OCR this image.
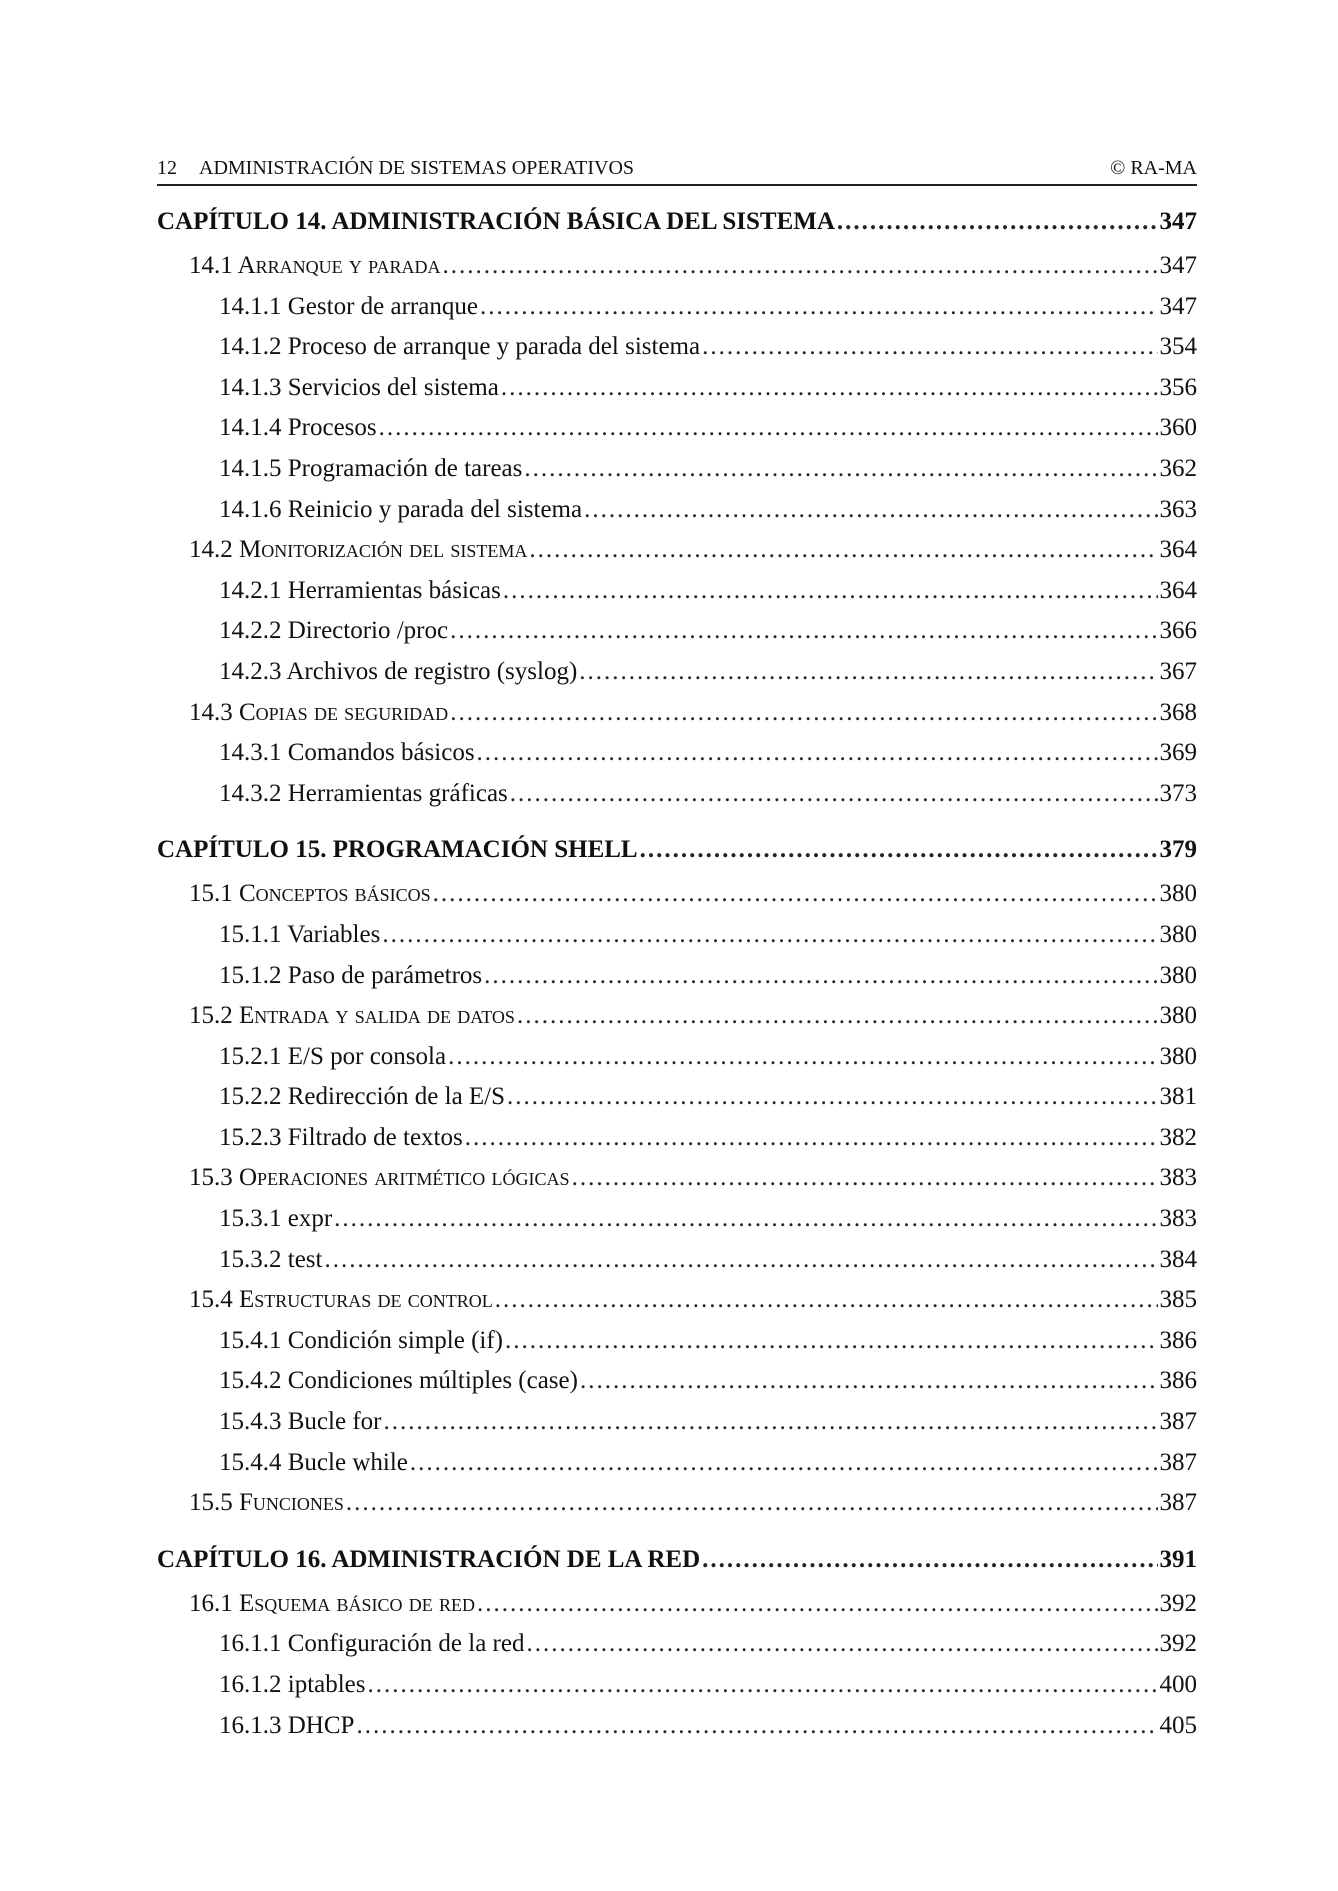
12 ADMINISTRACIÓN DE SISTEMAS OPERATIVOS	© RA-MA
CAPÍTULO 14. ADMINISTRACIÓN BÁSICA DEL SISTEMA .....	347
14.1 Arranque y parada .....	347
14.1.1 Gestor de arranque .....	347
14.1.2 Proceso de arranque y parada del sistema .....	354
14.1.3 Servicios del sistema .....	356
14.1.4 Procesos .....	360
14.1.5 Programación de tareas .....	362
14.1.6 Reinicio y parada del sistema .....	363
14.2 Monitorización del sistema .....	364
14.2.1 Herramientas básicas .....	364
14.2.2 Directorio /proc .....	366
14.2.3 Archivos de registro (syslog) .....	367
14.3 Copias de seguridad .....	368
14.3.1 Comandos básicos .....	369
14.3.2 Herramientas gráficas .....	373
CAPÍTULO 15. PROGRAMACIÓN SHELL .....	379
15.1 Conceptos básicos .....	380
15.1.1 Variables .....	380
15.1.2 Paso de parámetros .....	380
15.2 Entrada y salida de datos .....	380
15.2.1 E/S por consola .....	380
15.2.2 Redirección de la E/S .....	381
15.2.3 Filtrado de textos .....	382
15.3 Operaciones aritmético lógicas .....	383
15.3.1 expr .....	383
15.3.2 test .....	384
15.4 Estructuras de control .....	385
15.4.1 Condición simple (if) .....	386
15.4.2 Condiciones múltiples (case) .....	386
15.4.3 Bucle for .....	387
15.4.4 Bucle while .....	387
15.5 Funciones .....	387
CAPÍTULO 16. ADMINISTRACIÓN DE LA RED .....	391
16.1 Esquema básico de red .....	392
16.1.1 Configuración de la red .....	392
16.1.2 iptables .....	400
16.1.3 DHCP .....	405
